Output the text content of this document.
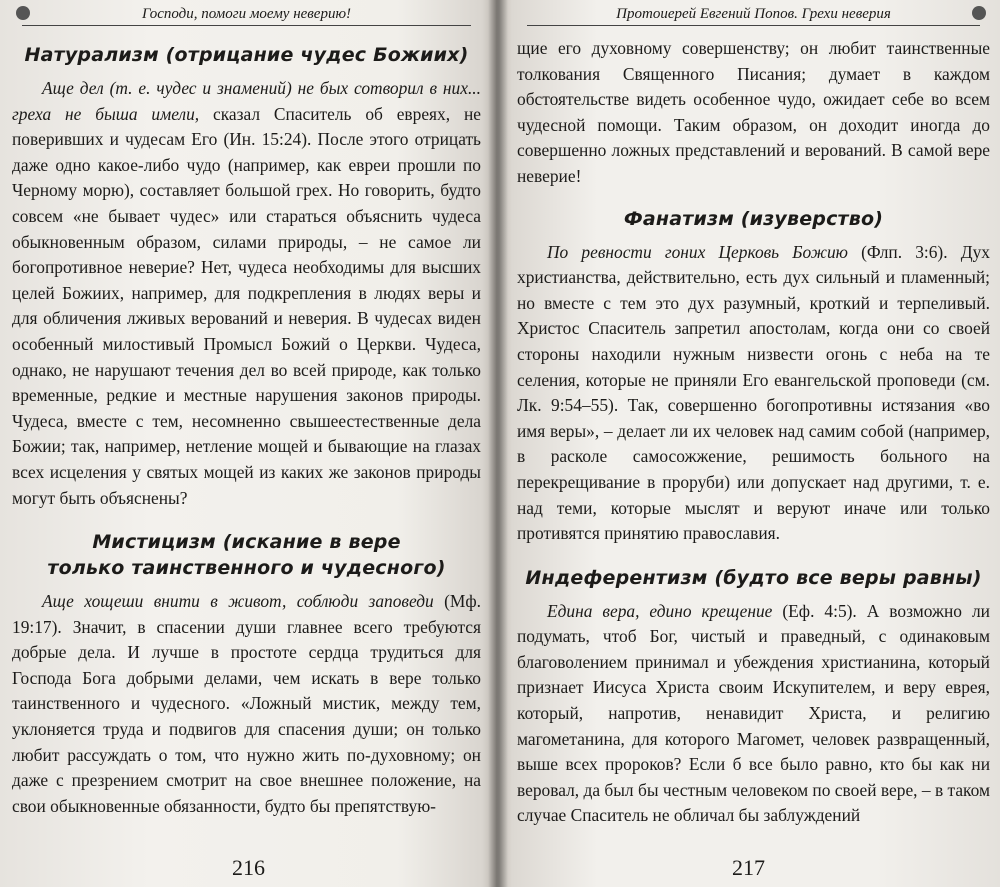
Господи, помоги моему неверию!
Натурализм (отрицание чудес Божиих)

Аще дел (т. е. чудес и знамений) не быx сотворил в них... греха не быша имели, сказал Спаситель об евреях, не поверивших и чудесам Его (Ин. 15:24). После этого отрицать даже одно какое-либо чудо (например, как евреи прошли по Черному морю), составляет большой грех. Но говорить, будто совсем «не бывает чудес» или стараться объяснить чудеса обыкновенным образом, силами природы, – не самое ли богопротивное неверие? Нет, чудеса необходимы для высших целей Божиих, например, для подкрепления в людях веры и для обличения лживых верований и неверия. В чудесах виден особенный милостивый Промысл Божий о Церкви. Чудеса, однако, не нарушают течения дел во всей природе, как только временные, редкие и местные нарушения законов природы. Чудеса, вместе с тем, несомненно свышеестественные дела Божии; так, например, нетление мощей и бывающие на глазах всех исцеления у святых мощей из каких же законов природы могут быть объяснены?

Мистицизм (искание в вере
только таинственного и чудесного)

Аще хощеши внити в живот, соблюди заповеди (Мф. 19:17). Значит, в спасении души главнее всего требуются добрые дела. И лучше в простоте сердца трудиться для Господа Бога добрыми делами, чем искать в вере только таинственного и чудесного. «Ложный мистик, между тем, уклоняется труда и подвигов для спасения души; он только любит рассуждать о том, что нужно жить по-духовному; он даже с презрением смотрит на свое внешнее положение, на свои обыкновенные обязанности, будто бы препятствую-

216
Протоиерей Евгений Попов. Грехи неверия

щие его духовному совершенству; он любит таинственные толкования Священного Писания; думает в каждом обстоятельстве видеть особенное чудо, ожидает себе во всем чудесной помощи. Таким образом, он доходит иногда до совершенно ложных представлений и верований. В самой вере неверие!

Фанатизм (изуверство)

По ревности гоних Церковь Божию (Флп. 3:6). Дух христианства, действительно, есть дух сильный и пламенный; но вместе с тем это дух разумный, кроткий и терпеливый. Христос Спаситель запретил апостолам, когда они со своей стороны находили нужным низвести огонь с неба на те селения, которые не приняли Его евангельской проповеди (см. Лк. 9:54–55). Так, совершенно богопротивны истязания «во имя веры», – делает ли их человек над самим собой (например, в расколе самосожжение, решимость больного на перекрещивание в проруби) или допускает над другими, т. е. над теми, которые мыслят и веруют иначе или только противятся принятию православия.

Индеферентизм (будто все веры равны)

Едина вера, едино крещение (Еф. 4:5). А возможно ли подумать, чтоб Бог, чистый и праведный, с одинаковым благоволением принимал и убеждения христианина, который признает Иисуса Христа своим Искупителем, и веру еврея, который, напротив, ненавидит Христа, и религию магометанина, для которого Магомет, человек развращенный, выше всех пророков? Если б все было равно, кто бы как ни веровал, да был бы честным человеком по своей вере, – в таком случае Спаситель не обличал бы заблуждений

217
